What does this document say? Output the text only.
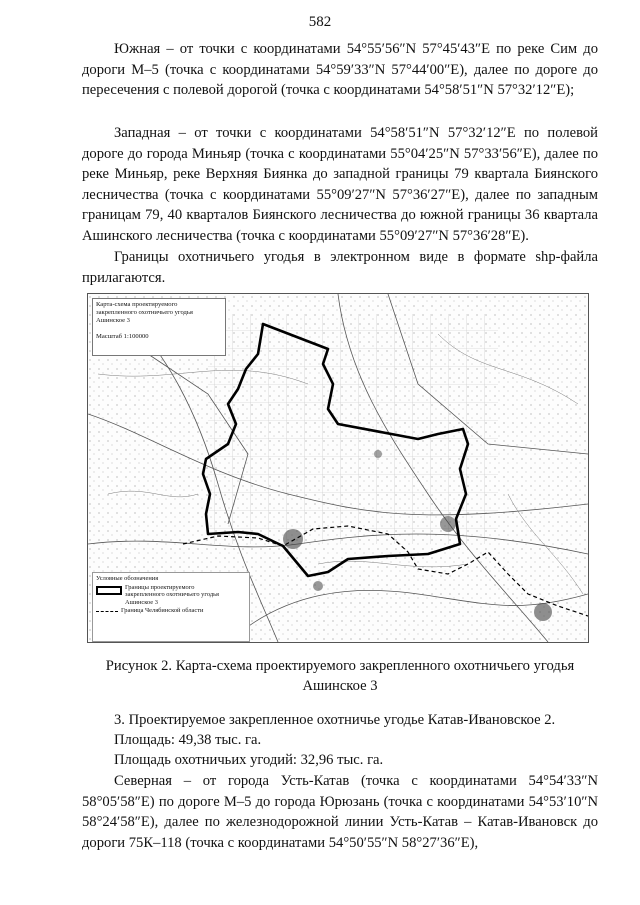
582

Южная – от точки с координатами 54°55′56″N 57°45′43″E по реке Сим до дороги М–5 (точка с координатами 54°59′33″N 57°44′00″E), далее по дороге до пересечения с полевой дорогой (точка с координатами 54°58′51″N 57°32′12″E);

Западная – от точки с координатами 54°58′51″N 57°32′12″E по полевой дороге до города Миньяр (точка с координатами 55°04′25″N 57°33′56″E), далее по реке Миньяр, реке Верхняя Биянка до западной границы 79 квартала Биянского лесничества (точка с координатами 55°09′27″N 57°36′27″E), далее по западным границам 79, 40 кварталов Биянского лесничества до южной границы 36 квартала Ашинского лесничества (точка с координатами 55°09′27″N 57°36′28″E).

Границы охотничьего угодья в электронном виде в формате shp-файла прилагаются.

Карта-схема проектируемого
закрепленного охотничьего угодья
Ашинское 3
Масштаб 1:100000
Условные обозначения
Границы проектируемого
закрепленного охотничьего угодья
Ашинское 3
Граница Челябинской области

Рисунок 2. Карта-схема проектируемого закрепленного охотничьего угодья

Ашинское 3

3. Проектируемое закрепленное охотничье угодье Катав-Ивановское 2.

Площадь: 49,38 тыс. га.

Площадь охотничьих угодий: 32,96 тыс. га.

Северная – от города Усть-Катав (точка с координатами 54°54′33″N 58°05′58″E) по дороге М–5 до города Юрюзань (точка с координатами 54°53′10″N 58°24′58″E), далее по железнодорожной линии Усть-Катав – Катав-Ивановск до дороги 75К–118 (точка с координатами 54°50′55″N 58°27′36″E),
